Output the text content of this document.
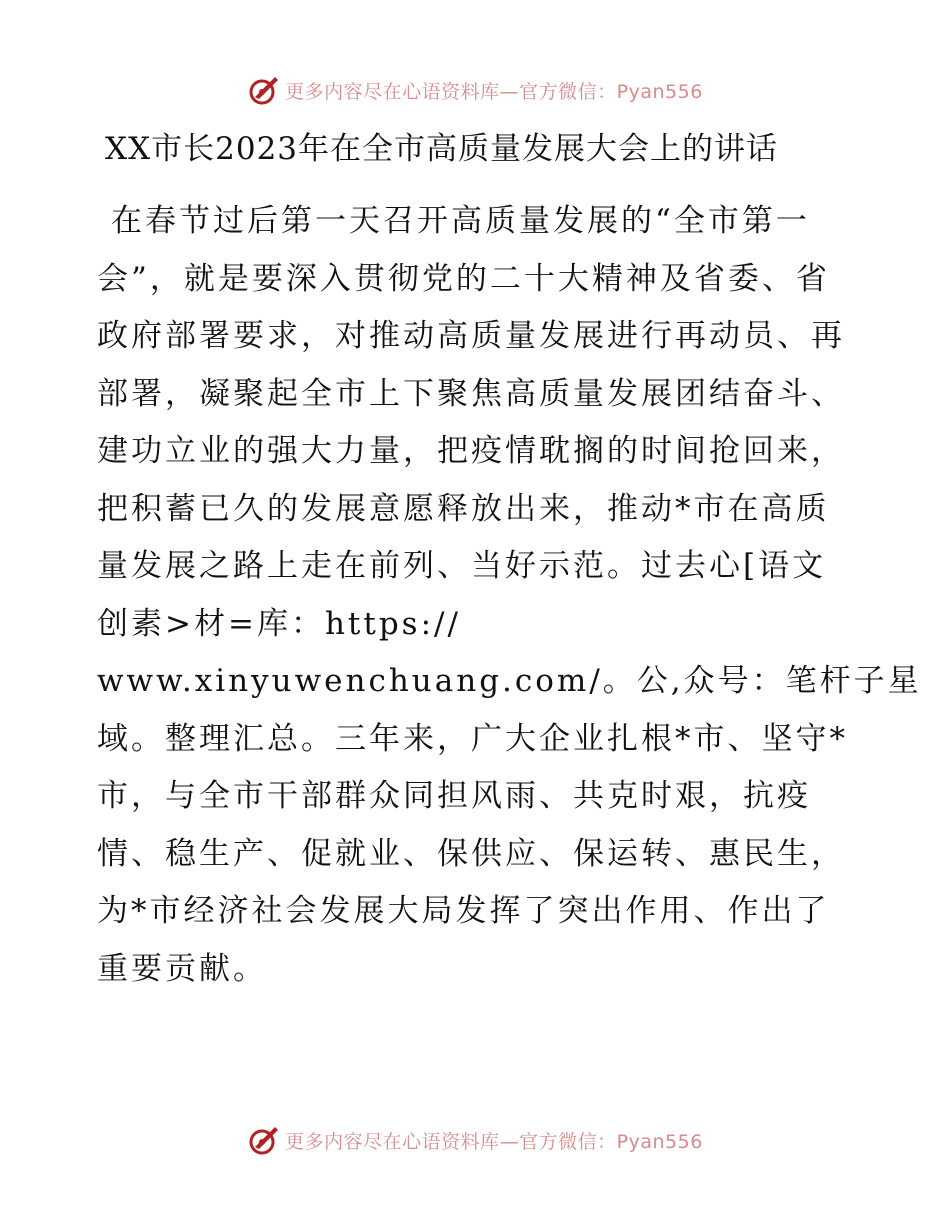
更多内容尽在心语资料库—官方微信：Pyan556
XX市长2023年在全市高质量发展大会上的讲话

在春节过后第一天召开高质量发展的“全市第一
会”，就是要深入贯彻党的二十大精神及省委、省
政府部署要求，对推动高质量发展进行再动员、再
部署，凝聚起全市上下聚焦高质量发展团结奋斗、
建功立业的强大力量，把疫情耽搁的时间抢回来，
把积蓄已久的发展意愿释放出来，推动*市在高质
量发展之路上走在前列、当好示范。过去心[语文
创素>材=库：https://
www.xinyuwenchuang.com/。公,众号：笔杆子星
域。整理汇总。三年来，广大企业扎根*市、坚守*
市，与全市干部群众同担风雨、共克时艰，抗疫
情、稳生产、促就业、保供应、保运转、惠民生，
为*市经济社会发展大局发挥了突出作用、作出了
重要贡献。

更多内容尽在心语资料库—官方微信：Pyan556
